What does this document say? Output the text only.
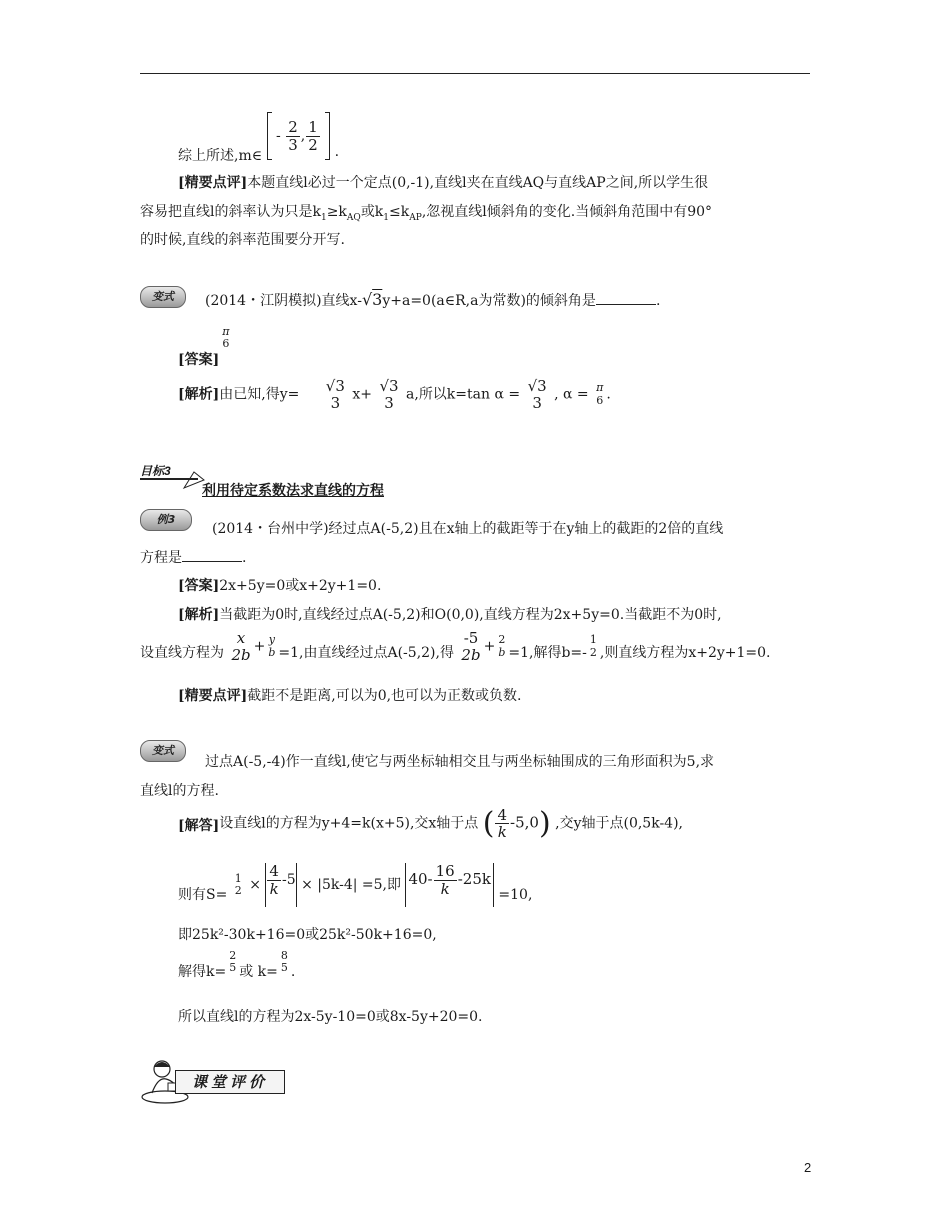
综上所述,m∈  - $\frac{2}{3}$ , $\frac{1}{2}$ .
[精要点评]本题直线l必过一个定点(0,-1),直线l夹在直线AQ与直线AP之间,所以学生很
容易把直线l的斜率认为只是$k_1\ge k_{AQ}$或$k_1\le k_{AP}$,忽视直线l倾斜角的变化.当倾斜角范围中有90°
的时候,直线的斜率范围要分开写.
变式	(2014・江阴模拟)直线x-√3y+a=0(a∈R,a为常数)的倾斜角是	.
[答案]
π
6
[解析]由已知,得y= √3
3 x+ √3
3 a,所以k=tan α = √3
3 , α = π
6 .
目标3
利用待定系数法求直线的方程
例3
(2014・台州中学)经过点A(-5,2)且在x轴上的截距等于在y轴上的截距的2倍的直线
方程是	.
[答案]2x+5y=0或x+2y+1=0.
[解析]当截距为0时,直线经过点A(-5,2)和O(0,0),直线方程为2x+5y=0.当截距不为0时,
设直线方程为
x
2b + y
b =1,由直线经过点A(-5,2),得
-5
2b + 2
b =1,解得b=-
1
2 ,则直线方程为x+2y+1=0.
[精要点评]截距不是距离,可以为0,也可以为正数或负数.
变式
过点A(-5,-4)作一直线l,使它与两坐标轴相交且与两坐标轴围成的三角形面积为5,求
直线l的方程.
[解答]设直线l的方程为y+4=k(x+5),交x轴于点 ( $\frac{4}{k} -5,0$) ,交y轴于点(0,5k-4),
则有S=
1
$2 \times \frac{4}{k} -5 \times |5k-4| =5$,即 $40- \frac{16}{k} -25k =10$,
即25k²-30k+16=0或25k²-50k+16=0,
解得k=
2
5 或 k=
8
5 .
所以直线l的方程为2x-5y-10=0或8x-5y+20=0.
课堂评价
2
